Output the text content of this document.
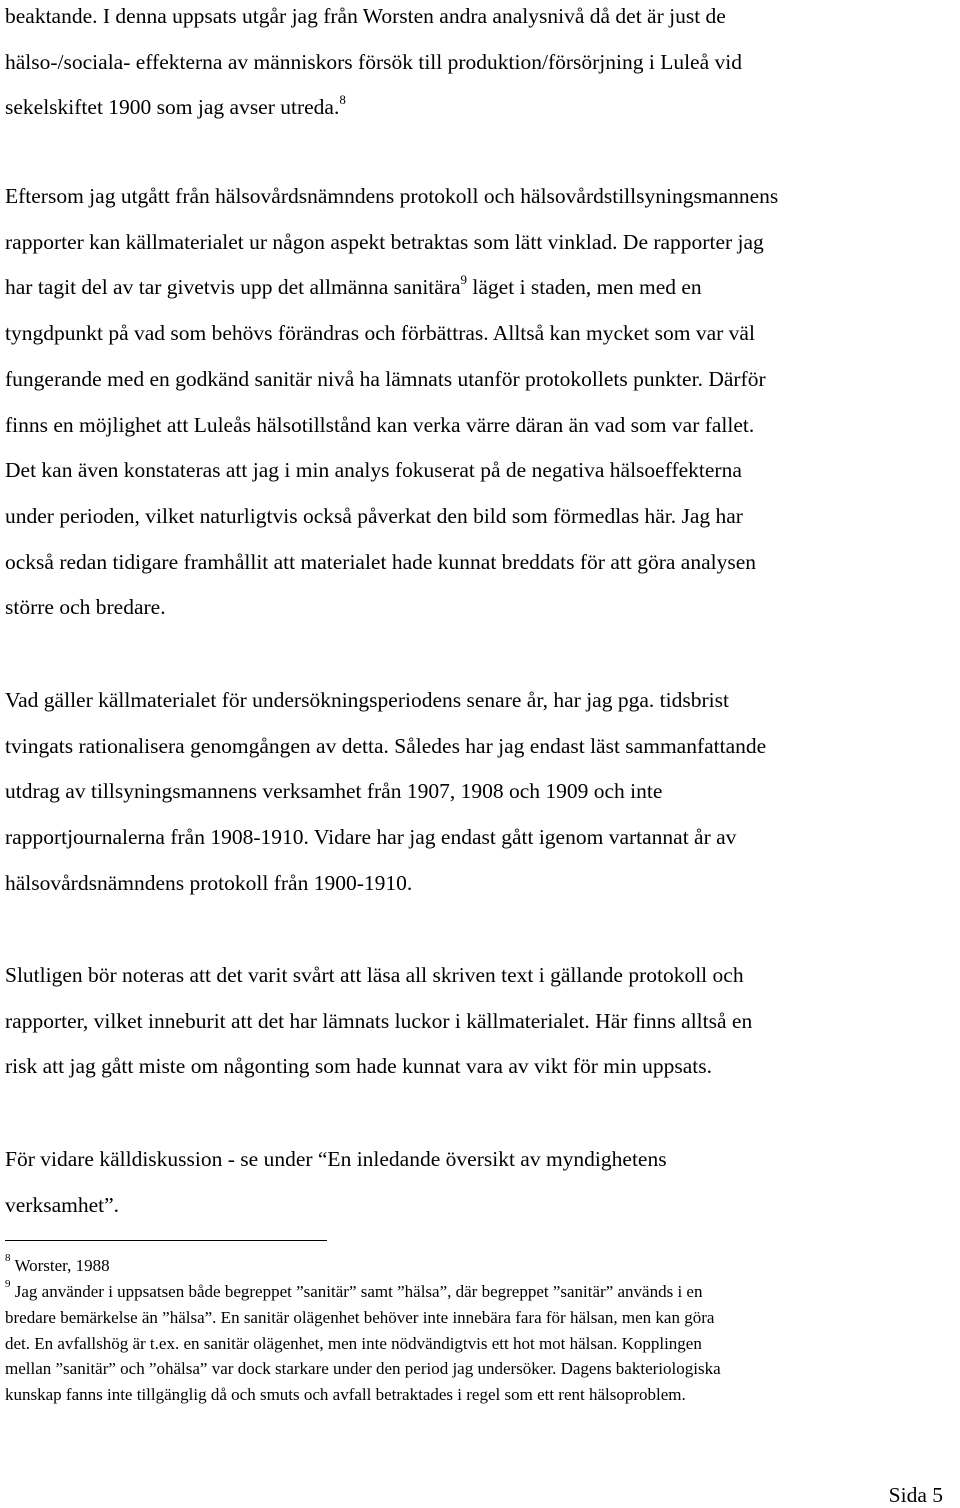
beaktande. I denna uppsats utgår jag från Worsten andra analysnivå då det är just de
hälso-/sociala- effekterna av människors försök till produktion/försörjning i Luleå vid
sekelskiftet 1900 som jag avser utreda.$^8$

Eftersom jag utgått från hälsovårdsnämndens protokoll och hälsovårdstillsyningsmannens
rapporter kan källmaterialet ur någon aspekt betraktas som lätt vinklad. De rapporter jag
har tagit del av tar givetvis upp det allmänna sanitära$^9$ läget i staden, men med en
tyngdpunkt på vad som behövs förändras och förbättras. Alltså kan mycket som var väl
fungerande med en godkänd sanitär nivå ha lämnats utanför protokollets punkter. Därför
finns en möjlighet att Luleås hälsotillstånd kan verka värre däran än vad som var fallet.
Det kan även konstateras att jag i min analys fokuserat på de negativa hälsoeffekterna
under perioden, vilket naturligtvis också påverkat den bild som förmedlas här. Jag har
också redan tidigare framhållit att materialet hade kunnat breddats för att göra analysen
större och bredare.

Vad gäller källmaterialet för undersökningsperiodens senare år, har jag pga. tidsbrist
tvingats rationalisera genomgången av detta. Således har jag endast läst sammanfattande
utdrag av tillsyningsmannens verksamhet från 1907, 1908 och 1909 och inte
rapportjournalerna från 1908-1910. Vidare har jag endast gått igenom vartannat år av
hälsovårdsnämndens protokoll från 1900-1910.

Slutligen bör noteras att det varit svårt att läsa all skriven text i gällande protokoll och
rapporter, vilket inneburit att det har lämnats luckor i källmaterialet. Här finns alltså en
risk att jag gått miste om någonting som hade kunnat vara av vikt för min uppsats.

För vidare källdiskussion - se under “En inledande översikt av myndighetens
verksamhet”.

$^8$ Worster, 1988

$^9$ Jag använder i uppsatsen både begreppet ”sanitär” samt ”hälsa”, där begreppet ”sanitär” används i en
bredare bemärkelse än ”hälsa”. En sanitär olägenhet behöver inte innebära fara för hälsan, men kan göra
det. En avfallshög är t.ex. en sanitär olägenhet, men inte nödvändigtvis ett hot mot hälsan. Kopplingen
mellan ”sanitär” och ”ohälsa” var dock starkare under den period jag undersöker. Dagens bakteriologiska
kunskap fanns inte tillgänglig då och smuts och avfall betraktades i regel som ett rent hälsoproblem.

Sida 5
